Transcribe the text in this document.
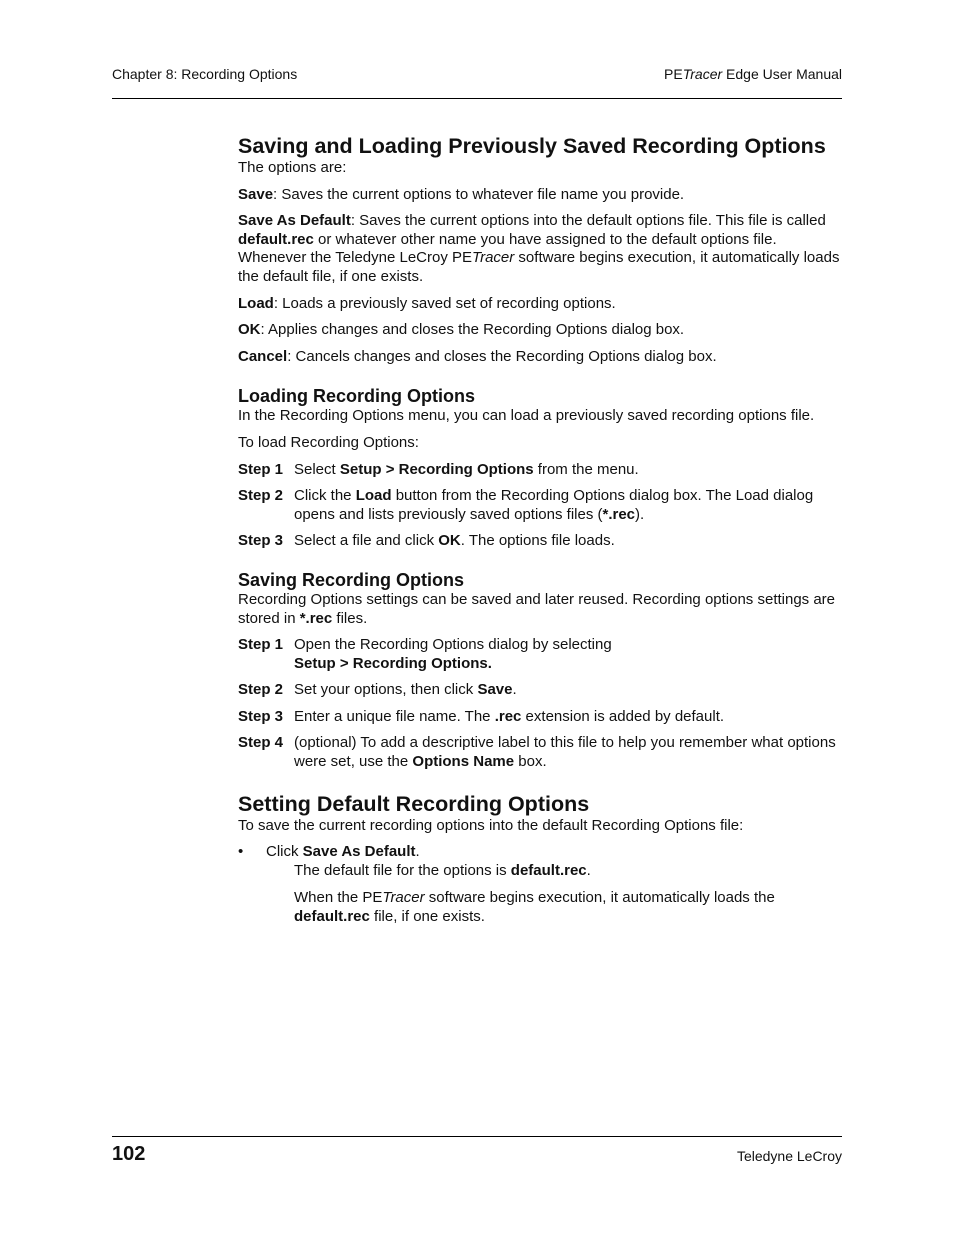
Chapter 8: Recording Options	PETracer Edge User Manual
Saving and Loading Previously Saved Recording Options

The options are:

Save: Saves the current options to whatever file name you provide.

Save As Default: Saves the current options into the default options file. This file is called default.rec or whatever other name you have assigned to the default options file. Whenever the Teledyne LeCroy PETracer software begins execution, it automatically loads the default file, if one exists.

Load: Loads a previously saved set of recording options.

OK: Applies changes and closes the Recording Options dialog box.

Cancel: Cancels changes and closes the Recording Options dialog box.

Loading Recording Options

In the Recording Options menu, you can load a previously saved recording options file.

To load Recording Options:

Step 1 Select Setup > Recording Options from the menu.
Step 2 Click the Load button from the Recording Options dialog box. The Load dialog opens and lists previously saved options files (*.rec).
Step 3 Select a file and click OK. The options file loads.
Saving Recording Options

Recording Options settings can be saved and later reused. Recording options settings are stored in *.rec files.

Step 1 Open the Recording Options dialog by selecting
Setup > Recording Options.
Step 2 Set your options, then click Save.
Step 3 Enter a unique file name. The .rec extension is added by default.
Step 4 (optional) To add a descriptive label to this file to help you remember what options were set, use the Options Name box.
Setting Default Recording Options

To save the current recording options into the default Recording Options file:

•	Click Save As Default.

The default file for the options is default.rec.

When the PETracer software begins execution, it automatically loads the default.rec file, if one exists.

102	Teledyne LeCroy
